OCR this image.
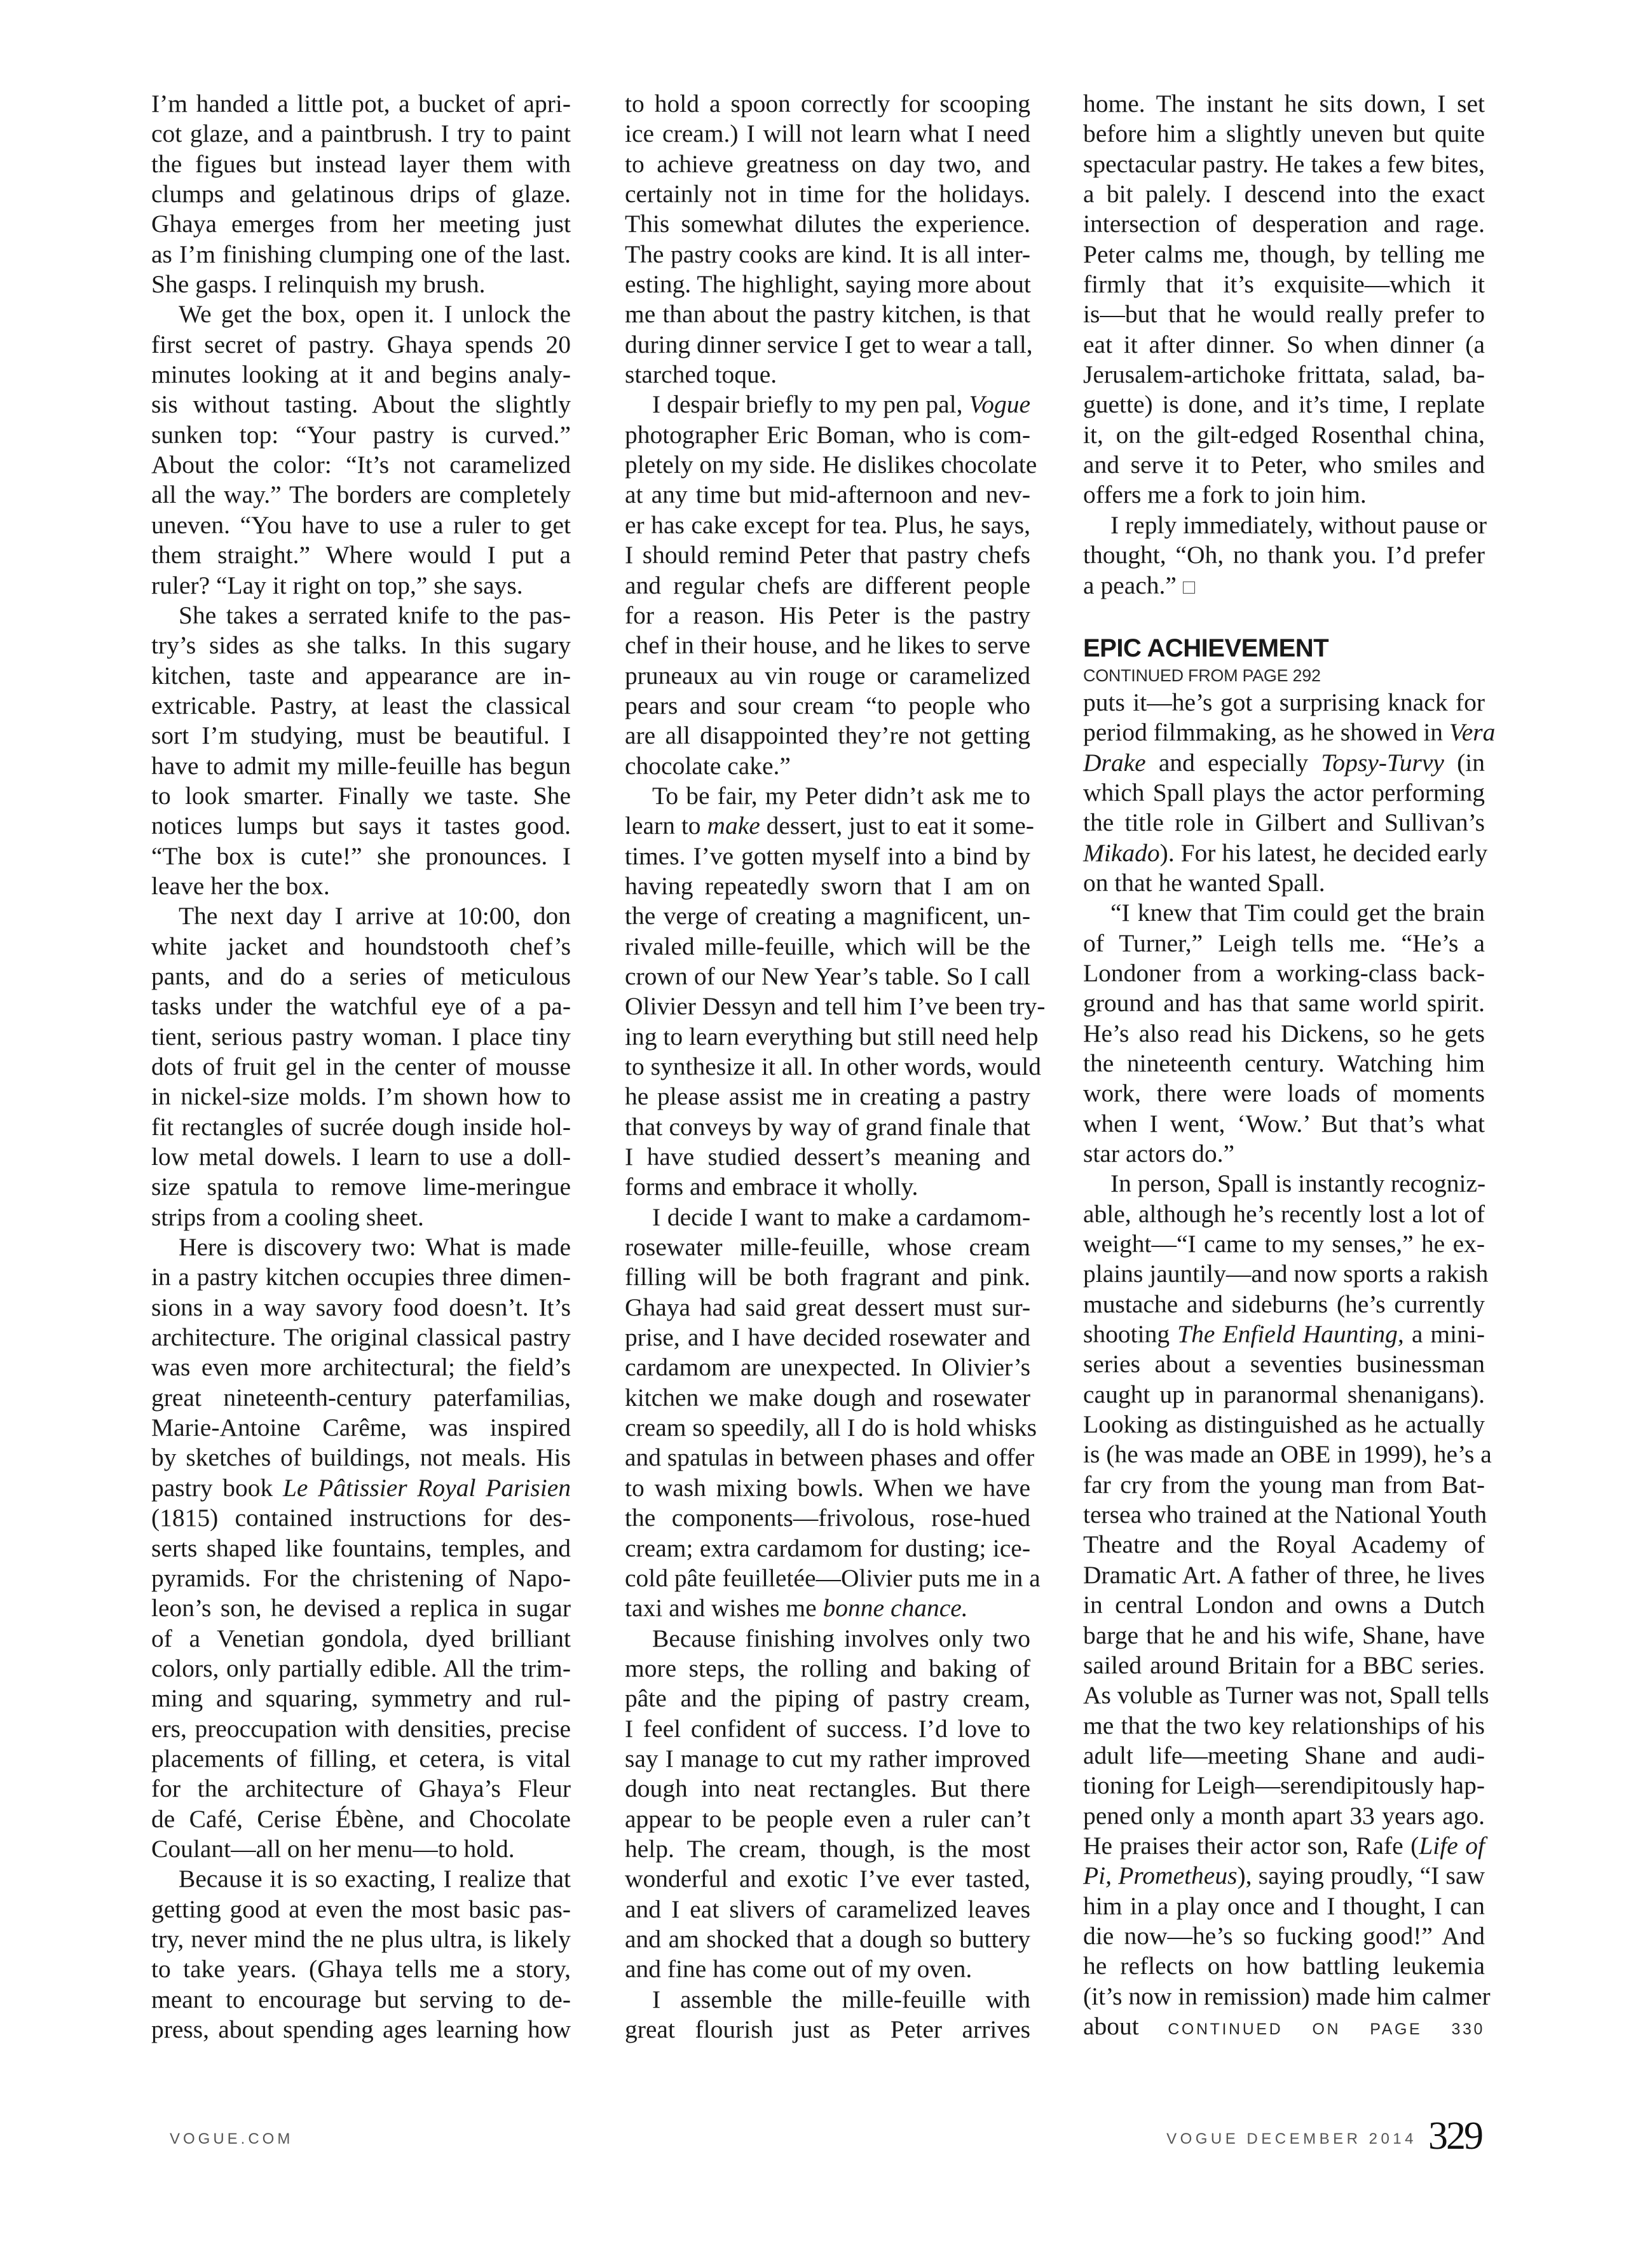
I’m handed a little pot, a bucket of apri-
cot glaze, and a paintbrush. I try to paint
the figues but instead layer them with
clumps and gelatinous drips of glaze.
Ghaya emerges from her meeting just
as I’m finishing clumping one of the last.
She gasps. I relinquish my brush.
We get the box, open it. I unlock the
first secret of pastry. Ghaya spends 20
minutes looking at it and begins analy-
sis without tasting. About the slightly
sunken top: “Your pastry is curved.”
About the color: “It’s not caramelized
all the way.” The borders are completely
uneven. “You have to use a ruler to get
them straight.” Where would I put a
ruler? “Lay it right on top,” she says.
She takes a serrated knife to the pas-
try’s sides as she talks. In this sugary
kitchen, taste and appearance are in-
extricable. Pastry, at least the classical
sort I’m studying, must be beautiful. I
have to admit my mille-feuille has begun
to look smarter. Finally we taste. She
notices lumps but says it tastes good.
“The box is cute!” she pronounces. I
leave her the box.
The next day I arrive at 10:00, don
white jacket and houndstooth chef’s
pants, and do a series of meticulous
tasks under the watchful eye of a pa-
tient, serious pastry woman. I place tiny
dots of fruit gel in the center of mousse
in nickel-size molds. I’m shown how to
fit rectangles of sucrée dough inside hol-
low metal dowels. I learn to use a doll-
size spatula to remove lime-meringue
strips from a cooling sheet.
Here is discovery two: What is made
in a pastry kitchen occupies three dimen-
sions in a way savory food doesn’t. It’s
architecture. The original classical pastry
was even more architectural; the field’s
great nineteenth-century paterfamilias,
Marie-Antoine Carême, was inspired
by sketches of buildings, not meals. His
pastry book Le Pâtissier Royal Parisien
(1815) contained instructions for des-
serts shaped like fountains, temples, and
pyramids. For the christening of Napo-
leon’s son, he devised a replica in sugar
of a Venetian gondola, dyed brilliant
colors, only partially edible. All the trim-
ming and squaring, symmetry and rul-
ers, preoccupation with densities, precise
placements of filling, et cetera, is vital
for the architecture of Ghaya’s Fleur
de Café, Cerise Ébène, and Chocolate
Coulant—all on her menu—to hold.
Because it is so exacting, I realize that
getting good at even the most basic pas-
try, never mind the ne plus ultra, is likely
to take years. (Ghaya tells me a story,
meant to encourage but serving to de-
press, about spending ages learning how
to hold a spoon correctly for scooping
ice cream.) I will not learn what I need
to achieve greatness on day two, and
certainly not in time for the holidays.
This somewhat dilutes the experience.
The pastry cooks are kind. It is all inter-
esting. The highlight, saying more about
me than about the pastry kitchen, is that
during dinner service I get to wear a tall,
starched toque.
I despair briefly to my pen pal, Vogue
photographer Eric Boman, who is com-
pletely on my side. He dislikes chocolate
at any time but mid-afternoon and nev-
er has cake except for tea. Plus, he says,
I should remind Peter that pastry chefs
and regular chefs are different people
for a reason. His Peter is the pastry
chef in their house, and he likes to serve
pruneaux au vin rouge or caramelized
pears and sour cream “to people who
are all disappointed they’re not getting
chocolate cake.”
To be fair, my Peter didn’t ask me to
learn to make dessert, just to eat it some-
times. I’ve gotten myself into a bind by
having repeatedly sworn that I am on
the verge of creating a magnificent, un-
rivaled mille-feuille, which will be the
crown of our New Year’s table. So I call
Olivier Dessyn and tell him I’ve been try-
ing to learn everything but still need help
to synthesize it all. In other words, would
he please assist me in creating a pastry
that conveys by way of grand finale that
I have studied dessert’s meaning and
forms and embrace it wholly.
I decide I want to make a cardamom-
rosewater mille-feuille, whose cream
filling will be both fragrant and pink.
Ghaya had said great dessert must sur-
prise, and I have decided rosewater and
cardamom are unexpected. In Olivier’s
kitchen we make dough and rosewater
cream so speedily, all I do is hold whisks
and spatulas in between phases and offer
to wash mixing bowls. When we have
the components—frivolous, rose-hued
cream; extra cardamom for dusting; ice-
cold pâte feuilletée—Olivier puts me in a
taxi and wishes me bonne chance.
Because finishing involves only two
more steps, the rolling and baking of
pâte and the piping of pastry cream,
I feel confident of success. I’d love to
say I manage to cut my rather improved
dough into neat rectangles. But there
appear to be people even a ruler can’t
help. The cream, though, is the most
wonderful and exotic I’ve ever tasted,
and I eat slivers of caramelized leaves
and am shocked that a dough so buttery
and fine has come out of my oven.
I assemble the mille-feuille with
great flourish just as Peter arrives
home. The instant he sits down, I set
before him a slightly uneven but quite
spectacular pastry. He takes a few bites,
a bit palely. I descend into the exact
intersection of desperation and rage.
Peter calms me, though, by telling me
firmly that it’s exquisite—which it
is—but that he would really prefer to
eat it after dinner. So when dinner (a
Jerusalem-artichoke frittata, salad, ba-
guette) is done, and it’s time, I replate
it, on the gilt-edged Rosenthal china,
and serve it to Peter, who smiles and
offers me a fork to join him.
I reply immediately, without pause or
thought, “Oh, no thank you. I’d prefer
a peach.”
EPIC ACHIEVEMENT
CONTINUED FROM PAGE 292
puts it—he’s got a surprising knack for
period filmmaking, as he showed in Vera
Drake and especially Topsy-Turvy (in
which Spall plays the actor performing
the title role in Gilbert and Sullivan’s
Mikado). For his latest, he decided early
on that he wanted Spall.
“I knew that Tim could get the brain
of Turner,” Leigh tells me. “He’s a
Londoner from a working-class back-
ground and has that same world spirit.
He’s also read his Dickens, so he gets
the nineteenth century. Watching him
work, there were loads of moments
when I went, ‘Wow.’ But that’s what
star actors do.”
In person, Spall is instantly recogniz-
able, although he’s recently lost a lot of
weight—“I came to my senses,” he ex-
plains jauntily—and now sports a rakish
mustache and sideburns (he’s currently
shooting The Enfield Haunting, a mini-
series about a seventies businessman
caught up in paranormal shenanigans).
Looking as distinguished as he actually
is (he was made an OBE in 1999), he’s a
far cry from the young man from Bat-
tersea who trained at the National Youth
Theatre and the Royal Academy of
Dramatic Art. A father of three, he lives
in central London and owns a Dutch
barge that he and his wife, Shane, have
sailed around Britain for a BBC series.
As voluble as Turner was not, Spall tells
me that the two key relationships of his
adult life—meeting Shane and audi-
tioning for Leigh—serendipitously hap-
pened only a month apart 33 years ago.
He praises their actor son, Rafe (Life of
Pi, Prometheus), saying proudly, “I saw
him in a play once and I thought, I can
die now—he’s so fucking good!” And
he reflects on how battling leukemia
(it’s now in remission) made him calmer
about CONTINUED ON PAGE 330
VOGUE.COM	VOGUE DECEMBER 2014 329
